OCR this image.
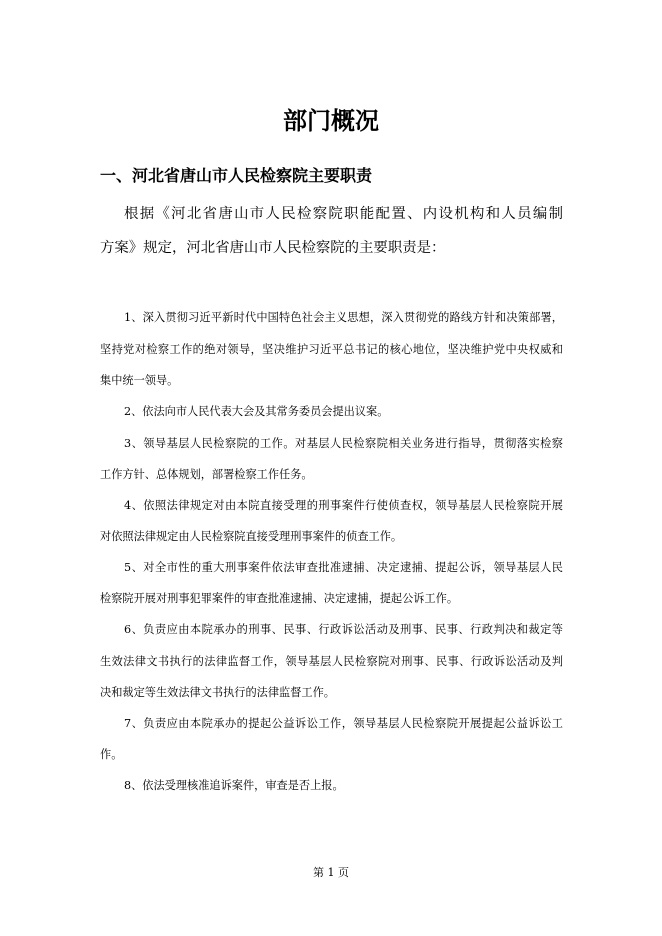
部门概况
一、河北省唐山市人民检察院主要职责
根据《河北省唐山市人民检察院职能配置、内设机构和人员编制
方案》规定，河北省唐山市人民检察院的主要职责是：
1、深入贯彻习近平新时代中国特色社会主义思想，深入贯彻党的路线方针和决策部署，
坚持党对检察工作的绝对领导，坚决维护习近平总书记的核心地位，坚决维护党中央权威和
集中统一领导。
2、依法向市人民代表大会及其常务委员会提出议案。
3、领导基层人民检察院的工作。对基层人民检察院相关业务进行指导，贯彻落实检察
工作方针、总体规划，部署检察工作任务。
4、依照法律规定对由本院直接受理的刑事案件行使侦查权，领导基层人民检察院开展
对依照法律规定由人民检察院直接受理刑事案件的侦查工作。
5、对全市性的重大刑事案件依法审查批准逮捕、决定逮捕、提起公诉，领导基层人民
检察院开展对刑事犯罪案件的审查批准逮捕、决定逮捕，提起公诉工作。
6、负责应由本院承办的刑事、民事、行政诉讼活动及刑事、民事、行政判决和裁定等
生效法律文书执行的法律监督工作，领导基层人民检察院对刑事、民事、行政诉讼活动及判
决和裁定等生效法律文书执行的法律监督工作。
7、负责应由本院承办的提起公益诉讼工作，领导基层人民检察院开展提起公益诉讼工
作。
8、依法受理核准追诉案件，审查是否上报。
第 1 页
